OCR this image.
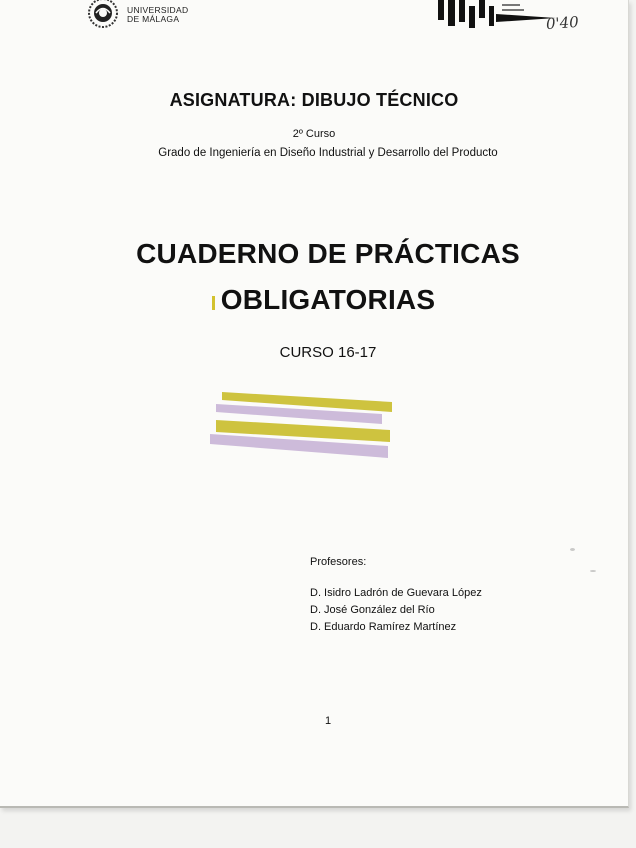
UNIVERSIDAD
DE MÁLAGA	0'40
ASIGNATURA: DIBUJO TÉCNICO
2º Curso
Grado de Ingeniería en Diseño Industrial y Desarrollo del Producto
CUADERNO DE PRÁCTICAS
OBLIGATORIAS
CURSO 16-17
Profesores:
D. Isidro Ladrón de Guevara López
D. José González del Río
D. Eduardo Ramírez Martínez
1
